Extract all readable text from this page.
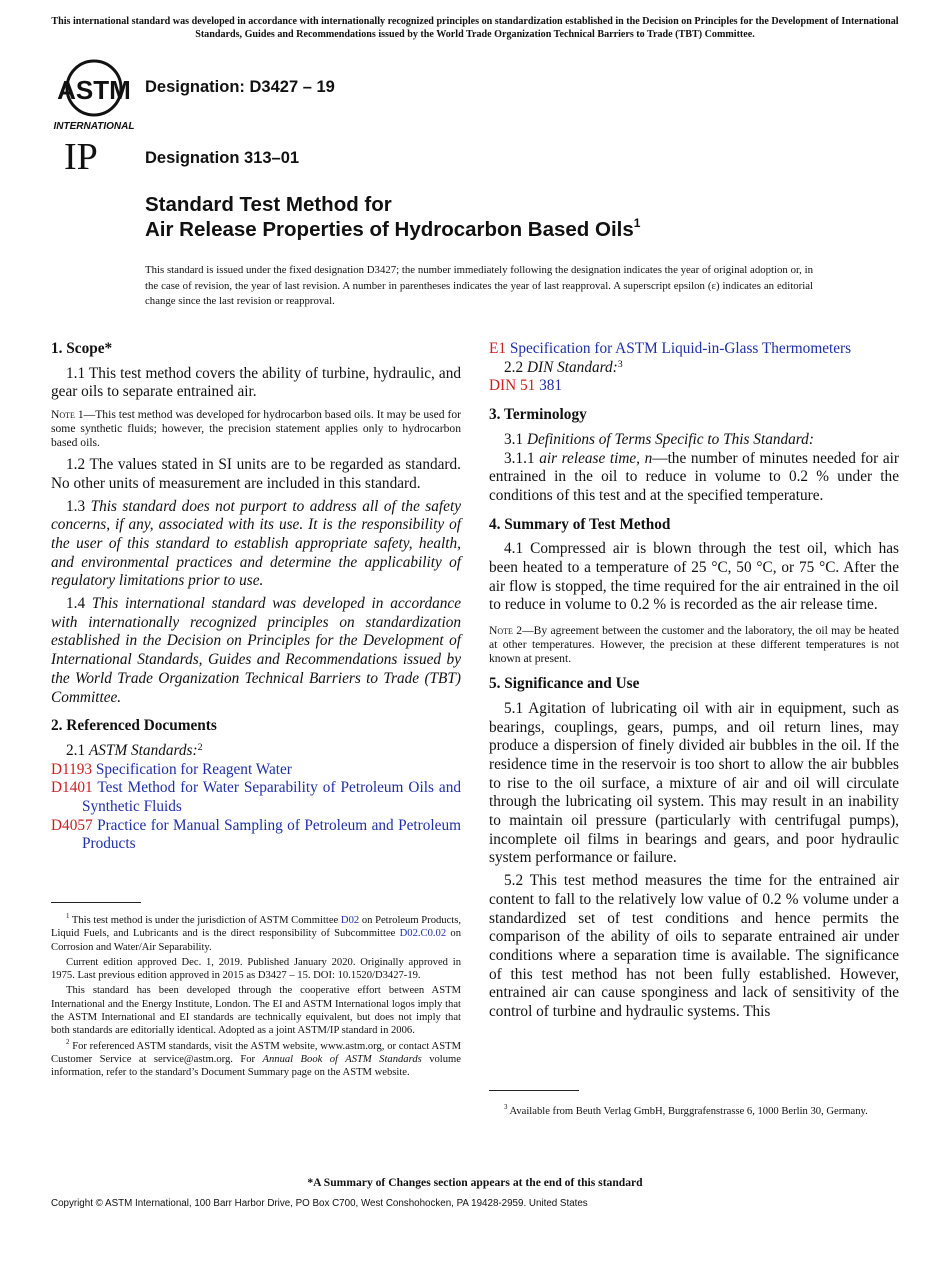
This international standard was developed in accordance with internationally recognized principles on standardization established in the Decision on Principles for the Development of International Standards, Guides and Recommendations issued by the World Trade Organization Technical Barriers to Trade (TBT) Committee.
ASTM
INTERNATIONAL
IP
Designation: D3427 – 19
Designation 313–01
Standard Test Method for
Air Release Properties of Hydrocarbon Based Oils$^1$
This standard is issued under the fixed designation D3427; the number immediately following the designation indicates the year of original adoption or, in the case of revision, the year of last revision. A number in parentheses indicates the year of last reapproval. A superscript epsilon (ε) indicates an editorial change since the last revision or reapproval.

1. Scope*

1.1 This test method covers the ability of turbine, hydraulic, and gear oils to separate entrained air.

Note 1—This test method was developed for hydrocarbon based oils. It may be used for some synthetic fluids; however, the precision statement applies only to hydrocarbon based oils.

1.2 The values stated in SI units are to be regarded as standard. No other units of measurement are included in this standard.

1.3 This standard does not purport to address all of the safety concerns, if any, associated with its use. It is the responsibility of the user of this standard to establish appropriate safety, health, and environmental practices and determine the applicability of regulatory limitations prior to use.

1.4 This international standard was developed in accordance with internationally recognized principles on standardization established in the Decision on Principles for the Development of International Standards, Guides and Recommendations issued by the World Trade Organization Technical Barriers to Trade (TBT) Committee.

2. Referenced Documents

2.1 ASTM Standards:$^2$

D1193 Specification for Reagent Water

D1401 Test Method for Water Separability of Petroleum Oils and Synthetic Fluids

D4057 Practice for Manual Sampling of Petroleum and Petroleum Products

$^1$ This test method is under the jurisdiction of ASTM Committee D02 on Petroleum Products, Liquid Fuels, and Lubricants and is the direct responsibility of Subcommittee D02.C0.02 on Corrosion and Water/Air Separability.

Current edition approved Dec. 1, 2019. Published January 2020. Originally approved in 1975. Last previous edition approved in 2015 as D3427 – 15. DOI: 10.1520/D3427-19.

This standard has been developed through the cooperative effort between ASTM International and the Energy Institute, London. The EI and ASTM International logos imply that the ASTM International and EI standards are technically equivalent, but does not imply that both standards are editorially identical. Adopted as a joint ASTM/IP standard in 2006.

$^2$ For referenced ASTM standards, visit the ASTM website, www.astm.org, or contact ASTM Customer Service at service@astm.org. For Annual Book of ASTM Standards volume information, refer to the standard’s Document Summary page on the ASTM website.

E1 Specification for ASTM Liquid-in-Glass Thermometers

2.2 DIN Standard:$^3$

DIN 51 381

3. Terminology

3.1 Definitions of Terms Specific to This Standard:

3.1.1 air release time, n—the number of minutes needed for air entrained in the oil to reduce in volume to 0.2 % under the conditions of this test and at the specified temperature.

4. Summary of Test Method

4.1 Compressed air is blown through the test oil, which has been heated to a temperature of 25 °C, 50 °C, or 75 °C. After the air flow is stopped, the time required for the air entrained in the oil to reduce in volume to 0.2 % is recorded as the air release time.

Note 2—By agreement between the customer and the laboratory, the oil may be heated at other temperatures. However, the precision at these different temperatures is not known at present.

5. Significance and Use

5.1 Agitation of lubricating oil with air in equipment, such as bearings, couplings, gears, pumps, and oil return lines, may produce a dispersion of finely divided air bubbles in the oil. If the residence time in the reservoir is too short to allow the air bubbles to rise to the oil surface, a mixture of air and oil will circulate through the lubricating oil system. This may result in an inability to maintain oil pressure (particularly with centrifugal pumps), incomplete oil films in bearings and gears, and poor hydraulic system performance or failure.

5.2 This test method measures the time for the entrained air content to fall to the relatively low value of 0.2 % volume under a standardized set of test conditions and hence permits the comparison of the ability of oils to separate entrained air under conditions where a separation time is available. The significance of this test method has not been fully established. However, entrained air can cause sponginess and lack of sensitivity of the control of turbine and hydraulic systems. This

$^3$ Available from Beuth Verlag GmbH, Burggrafenstrasse 6, 1000 Berlin 30, Germany.

*A Summary of Changes section appears at the end of this standard
Copyright © ASTM International, 100 Barr Harbor Drive, PO Box C700, West Conshohocken, PA 19428-2959. United States
